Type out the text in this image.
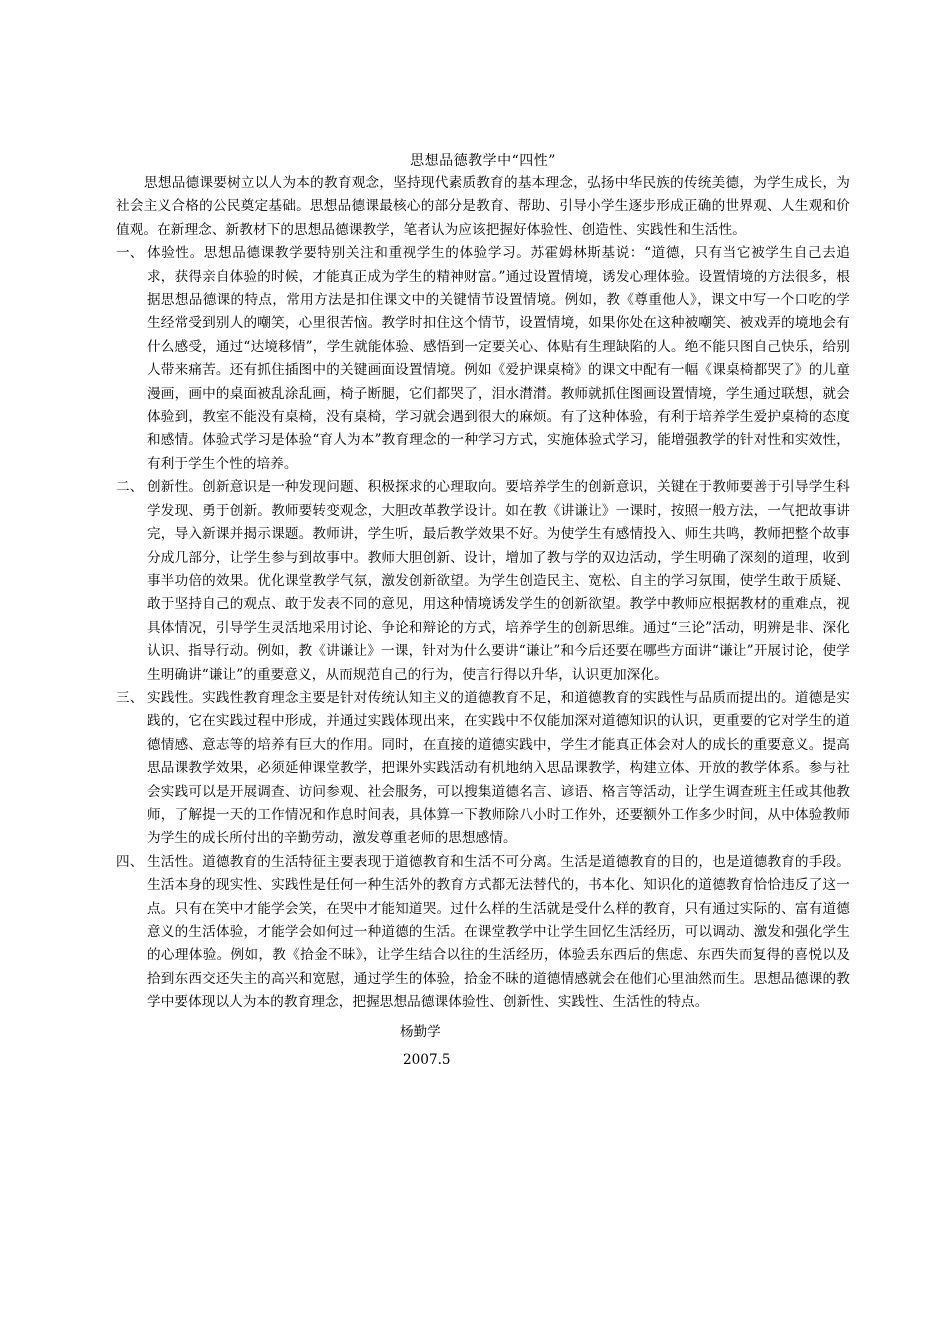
思想品德教学中“四性”

思想品德课要树立以人为本的教育观念，坚持现代素质教育的基本理念，弘扬中华民族的传统美德，为学生成长，为社会主义合格的公民奠定基础。思想品德课最核心的部分是教育、帮助、引导小学生逐步形成正确的世界观、人生观和价值观。在新理念、新教材下的思想品德课教学，笔者认为应该把握好体验性、创造性、实践性和生活性。

一、 体验性。思想品德课教学要特别关注和重视学生的体验学习。苏霍姆林斯基说：“道德，只有当它被学生自己去追求，获得亲自体验的时候，才能真正成为学生的精神财富。”通过设置情境，诱发心理体验。设置情境的方法很多，根据思想品德课的特点，常用方法是扣住课文中的关键情节设置情境。例如，教《尊重他人》，课文中写一个口吃的学生经常受到别人的嘲笑，心里很苦恼。教学时扣住这个情节，设置情境，如果你处在这种被嘲笑、被戏弄的境地会有什么感受，通过“达境移情”，学生就能体验、感悟到一定要关心、体贴有生理缺陷的人。绝不能只图自己快乐，给别人带来痛苦。还有抓住插图中的关键画面设置情境。例如《爱护课桌椅》的课文中配有一幅《课桌椅都哭了》的儿童漫画，画中的桌面被乱涂乱画，椅子断腿，它们都哭了，泪水潸潸。教师就抓住图画设置情境，学生通过联想，就会体验到，教室不能没有桌椅，没有桌椅，学习就会遇到很大的麻烦。有了这种体验，有利于培养学生爱护桌椅的态度和感情。体验式学习是体验“育人为本”教育理念的一种学习方式，实施体验式学习，能增强教学的针对性和实效性，有利于学生个性的培养。
二、 创新性。创新意识是一种发现问题、积极探求的心理取向。要培养学生的创新意识，关键在于教师要善于引导学生科学发现、勇于创新。教师要转变观念，大胆改革教学设计。如在教《讲谦让》一课时，按照一般方法，一气把故事讲完，导入新课并揭示课题。教师讲，学生听，最后教学效果不好。为使学生有感情投入、师生共鸣，教师把整个故事分成几部分，让学生参与到故事中。教师大胆创新、设计，增加了教与学的双边活动，学生明确了深刻的道理，收到事半功倍的效果。优化课堂教学气氛，激发创新欲望。为学生创造民主、宽松、自主的学习氛围，使学生敢于质疑、敢于坚持自己的观点、敢于发表不同的意见，用这种情境诱发学生的创新欲望。教学中教师应根据教材的重难点，视具体情况，引导学生灵活地采用讨论、争论和辩论的方式，培养学生的创新思维。通过“三论”活动，明辨是非、深化认识、指导行动。例如，教《讲谦让》一课，针对为什么要讲“谦让”和今后还要在哪些方面讲“谦让”开展讨论，使学生明确讲“谦让”的重要意义，从而规范自己的行为，使言行得以升华，认识更加深化。
三、 实践性。实践性教育理念主要是针对传统认知主义的道德教育不足，和道德教育的实践性与品质而提出的。道德是实践的，它在实践过程中形成，并通过实践体现出来，在实践中不仅能加深对道德知识的认识，更重要的它对学生的道德情感、意志等的培养有巨大的作用。同时，在直接的道德实践中，学生才能真正体会对人的成长的重要意义。提高思品课教学效果，必须延伸课堂教学，把课外实践活动有机地纳入思品课教学，构建立体、开放的教学体系。参与社会实践可以是开展调查、访问参观、社会服务，可以搜集道德名言、谚语、格言等活动，让学生调查班主任或其他教师，了解提一天的工作情况和作息时间表，具体算一下教师除八小时工作外，还要额外工作多少时间，从中体验教师为学生的成长所付出的辛勤劳动，激发尊重老师的思想感情。
四、 生活性。道德教育的生活特征主要表现于道德教育和生活不可分离。生活是道德教育的目的，也是道德教育的手段。生活本身的现实性、实践性是任何一种生活外的教育方式都无法替代的，书本化、知识化的道德教育恰恰违反了这一点。只有在笑中才能学会笑，在哭中才能知道哭。过什么样的生活就是受什么样的教育，只有通过实际的、富有道德意义的生活体验，才能学会如何过一种道德的生活。在课堂教学中让学生回忆生活经历，可以调动、激发和强化学生的心理体验。例如，教《拾金不昧》，让学生结合以往的生活经历，体验丢东西后的焦虑、东西失而复得的喜悦以及拾到东西交还失主的高兴和宽慰，通过学生的体验，拾金不昧的道德情感就会在他们心里油然而生。思想品德课的教学中要体现以人为本的教育理念，把握思想品德课体验性、创新性、实践性、生活性的特点。
杨勤学
2007.5
